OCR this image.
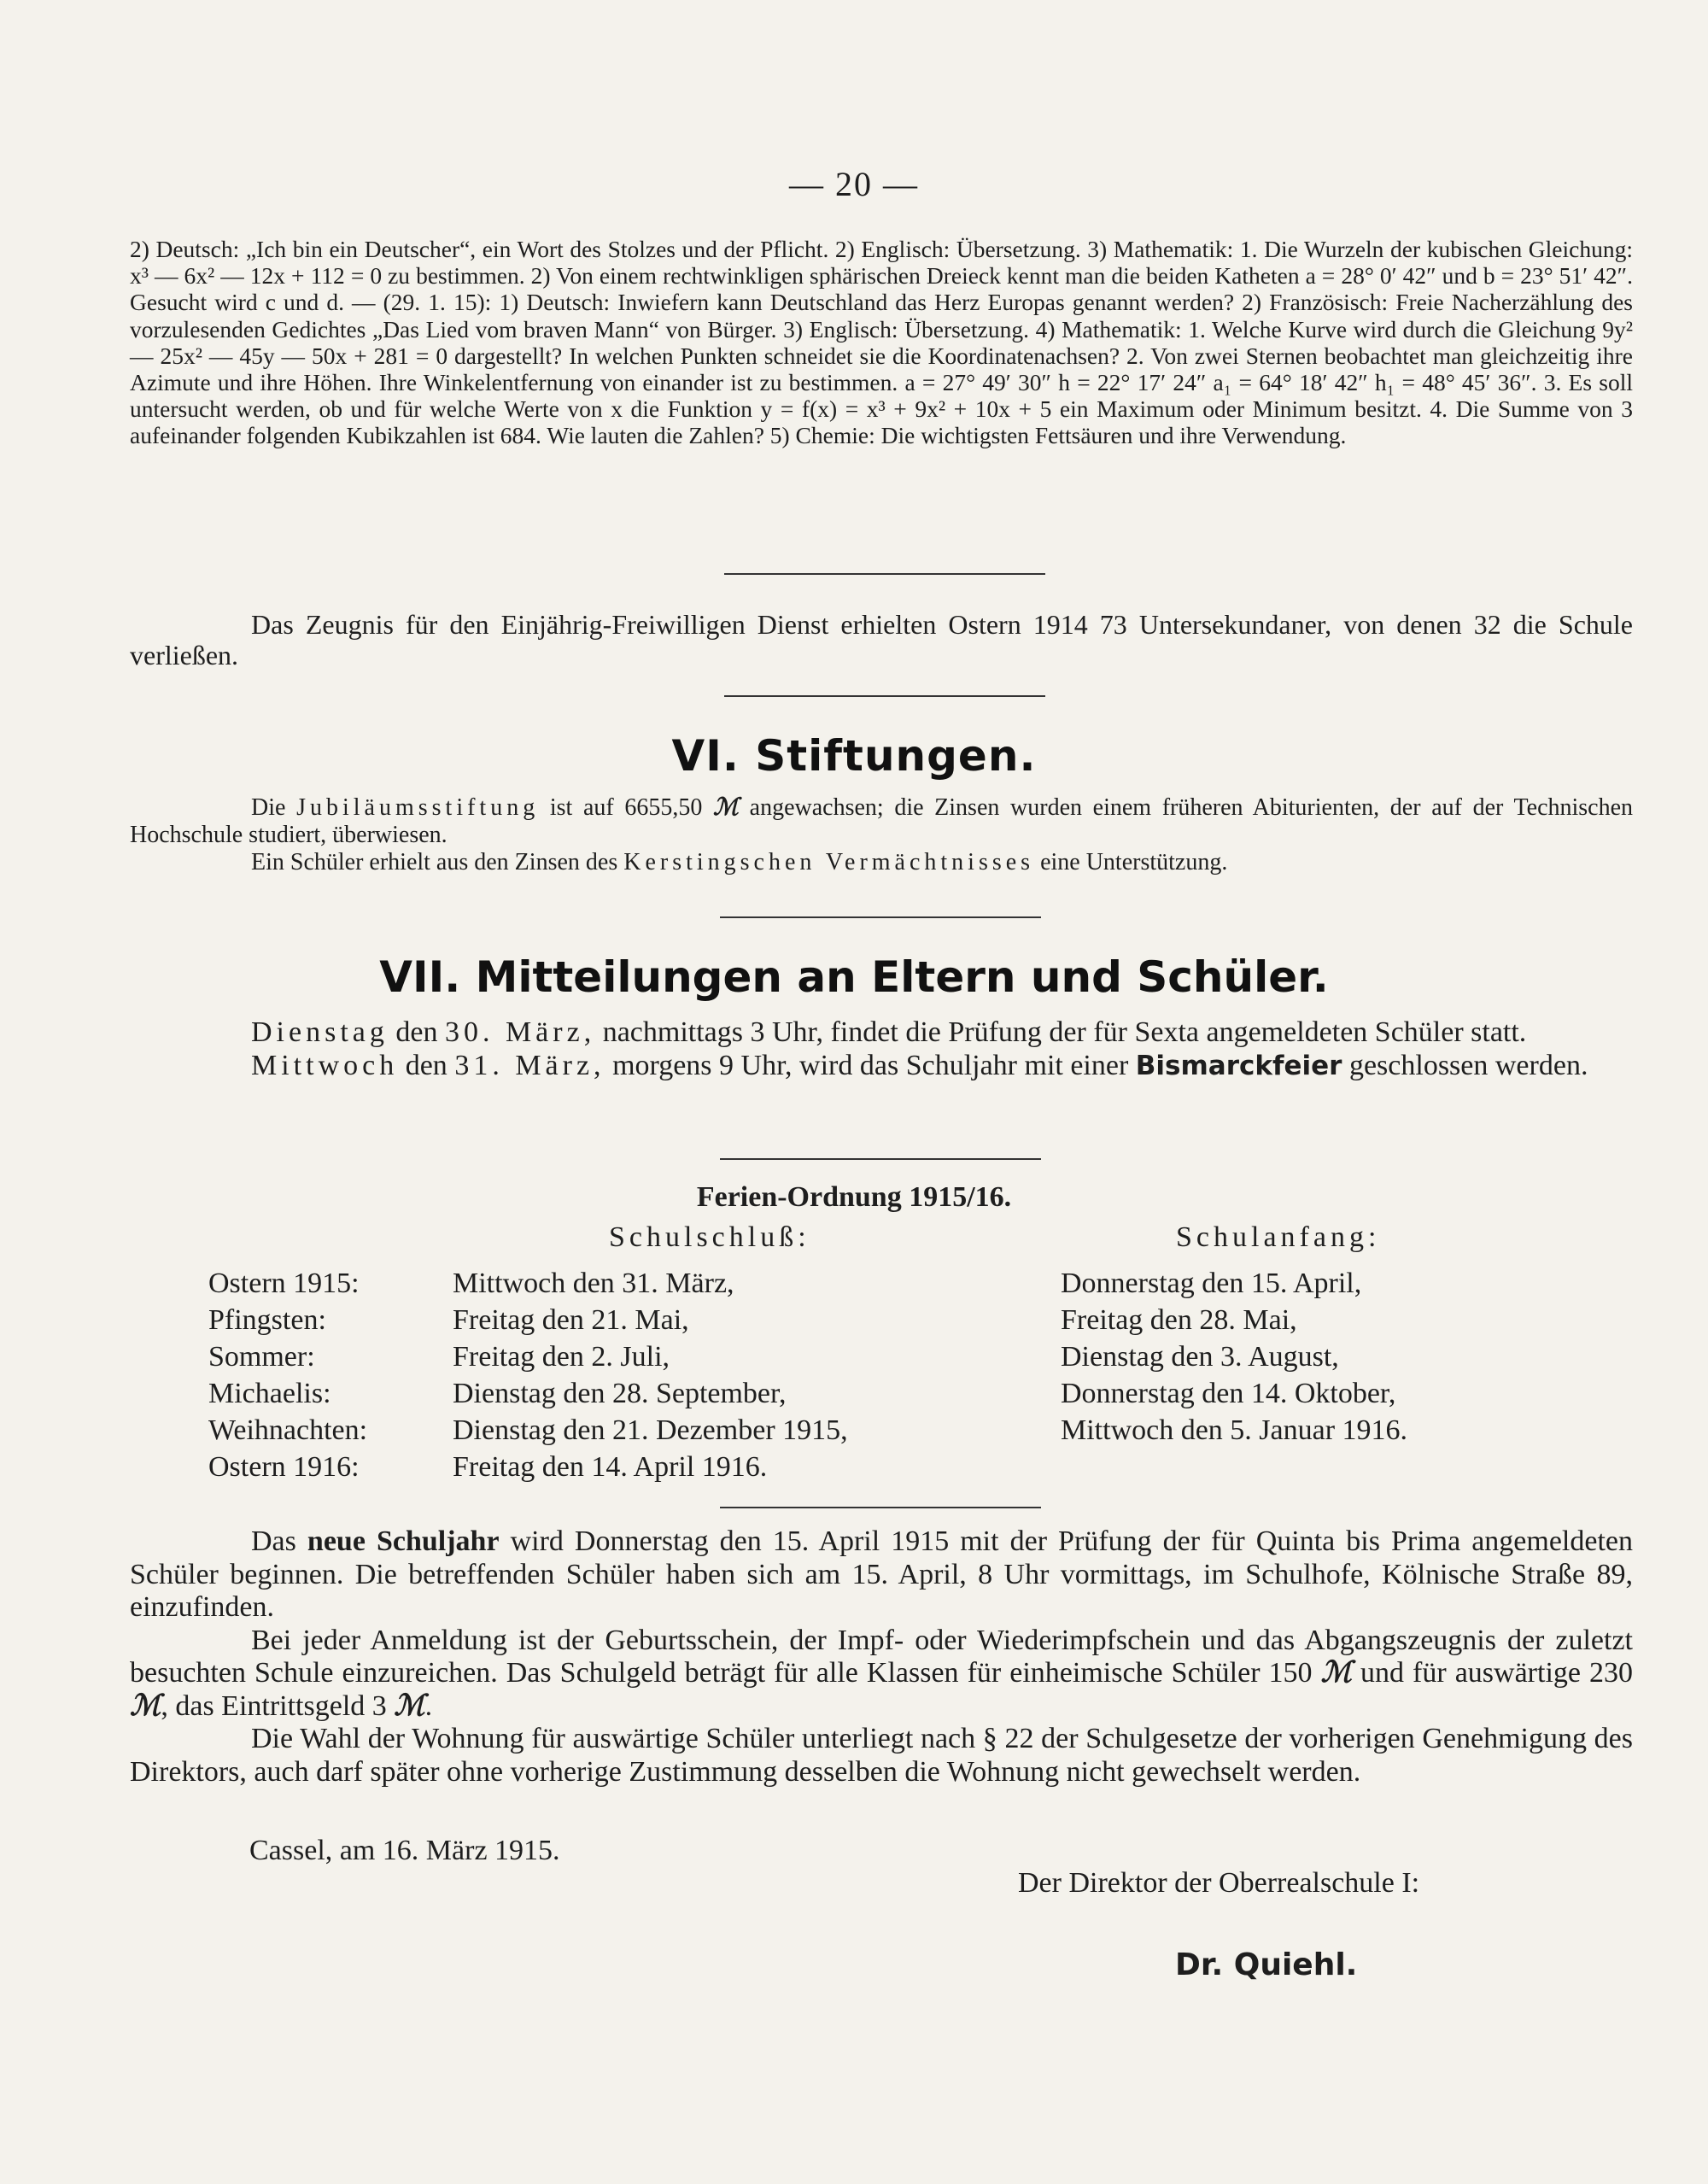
— 20 —

2) Deutsch: „Ich bin ein Deutscher“, ein Wort des Stolzes und der Pflicht. 2) Englisch: Übersetzung. 3) Mathematik: 1. Die Wurzeln der kubischen Gleichung: x³ — 6x² — 12x + 112 = 0 zu bestimmen. 2) Von einem rechtwinkligen sphärischen Dreieck kennt man die beiden Katheten a = 28° 0′ 42″ und b = 23° 51′ 42″. Gesucht wird c und d. — (29. 1. 15): 1) Deutsch: Inwiefern kann Deutschland das Herz Europas genannt werden? 2) Französisch: Freie Nacherzählung des vorzulesenden Gedichtes „Das Lied vom braven Mann“ von Bürger. 3) Englisch: Übersetzung. 4) Mathematik: 1. Welche Kurve wird durch die Gleichung 9y² — 25x² — 45y — 50x + 281 = 0 dargestellt? In welchen Punkten schneidet sie die Koordinatenachsen? 2. Von zwei Sternen beobachtet man gleichzeitig ihre Azimute und ihre Höhen. Ihre Winkelentfernung von einander ist zu bestimmen. a = 27° 49′ 30″ h = 22° 17′ 24″ a₁ = 64° 18′ 42″ h₁ = 48° 45′ 36″. 3. Es soll untersucht werden, ob und für welche Werte von x die Funktion y = f(x) = x³ + 9x² + 10x + 5 ein Maximum oder Minimum besitzt. 4. Die Summe von 3 aufeinander folgenden Kubikzahlen ist 684. Wie lauten die Zahlen? 5) Chemie: Die wichtigsten Fettsäuren und ihre Verwendung.

Das Zeugnis für den Einjährig-Freiwilligen Dienst erhielten Ostern 1914 73 Untersekundaner, von denen 32 die Schule verließen.

VI. Stiftungen.

Die Jubiläumsstiftung ist auf 6655,50 ℳ angewachsen; die Zinsen wurden einem früheren Abiturienten, der auf der Technischen Hochschule studiert, überwiesen.

Ein Schüler erhielt aus den Zinsen des Kerstingschen Vermächtnisses eine Unterstützung.

VII. Mitteilungen an Eltern und Schüler.

Dienstag den 30. März, nachmittags 3 Uhr, findet die Prüfung der für Sexta angemeldeten Schüler statt.

Mittwoch den 31. März, morgens 9 Uhr, wird das Schuljahr mit einer Bismarckfeier geschlossen werden.

Ferien-Ordnung 1915/16.
Schulschluß:	Schulanfang:
Ostern 1915:	Mittwoch den 31. März,	Donnerstag den 15. April,
Pfingsten:	Freitag den 21. Mai,	Freitag den 28. Mai,
Sommer:	Freitag den 2. Juli,	Dienstag den 3. August,
Michaelis:	Dienstag den 28. September,	Donnerstag den 14. Oktober,
Weihnachten:	Dienstag den 21. Dezember 1915,	Mittwoch den 5. Januar 1916.
Ostern 1916:	Freitag den 14. April 1916.

Das neue Schuljahr wird Donnerstag den 15. April 1915 mit der Prüfung der für Quinta bis Prima angemeldeten Schüler beginnen. Die betreffenden Schüler haben sich am 15. April, 8 Uhr vormittags, im Schulhofe, Kölnische Straße 89, einzufinden.

Bei jeder Anmeldung ist der Geburtsschein, der Impf- oder Wiederimpfschein und das Abgangszeugnis der zuletzt besuchten Schule einzureichen. Das Schulgeld beträgt für alle Klassen für einheimische Schüler 150 ℳ und für auswärtige 230 ℳ, das Eintrittsgeld 3 ℳ.

Die Wahl der Wohnung für auswärtige Schüler unterliegt nach § 22 der Schulgesetze der vorherigen Genehmigung des Direktors, auch darf später ohne vorherige Zustimmung desselben die Wohnung nicht gewechselt werden.

Cassel, am 16. März 1915.
Der Direktor der Oberrealschule I:
Dr. Quiehl.
